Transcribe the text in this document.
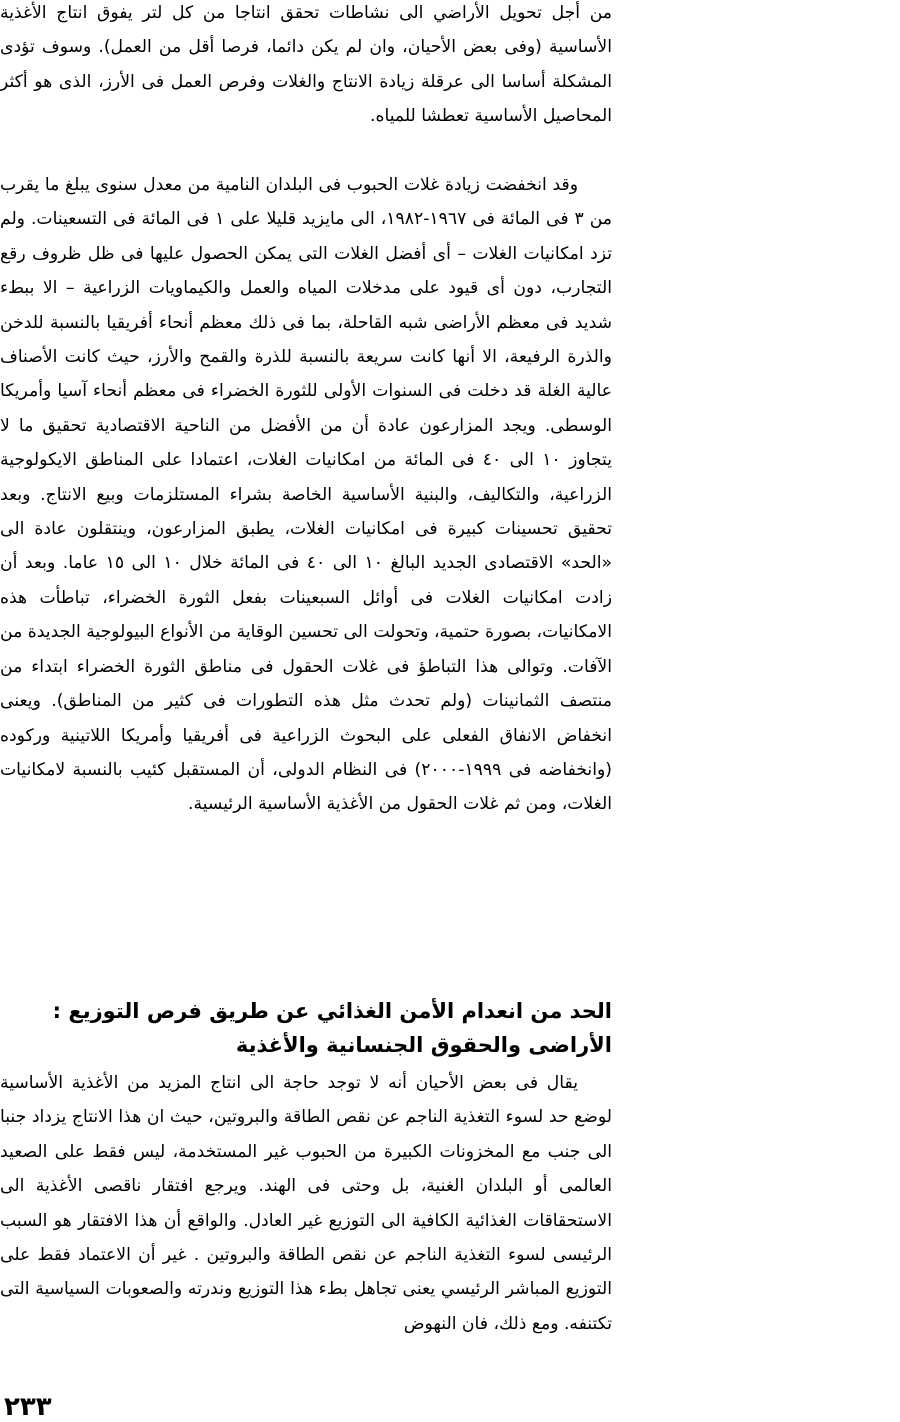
من أجل تحويل الأراضي الى نشاطات تحقق انتاجا من كل لتر يفوق انتاج الأغذية الأساسية (وفى بعض الأحيان، وان لم يكن دائما، فرصا أقل من العمل). وسوف تؤدى المشكلة أساسا الى عرقلة زيادة الانتاج والغلات وفرص العمل فى الأرز، الذى هو أكثر المحاصيل الأساسية تعطشا للمياه.

وقد انخفضت زيادة غلات الحبوب فى البلدان النامية من معدل سنوى يبلغ ما يقرب من ٣ فى المائة فى ١٩٦٧-١٩٨٢، الى مايزيد قليلا على ١ فى المائة فى التسعينات. ولم تزد امكانيات الغلات – أى أفضل الغلات التى يمكن الحصول عليها فى ظل ظروف رقع التجارب، دون أى قيود على مدخلات المياه والعمل والكيماويات الزراعية – الا ببطء شديد فى معظم الأراضى شبه القاحلة، بما فى ذلك معظم أنحاء أفريقيا بالنسبة للدخن والذرة الرفيعة، الا أنها كانت سريعة بالنسبة للذرة والقمح والأرز، حيث كانت الأصناف عالية الغلة قد دخلت فى السنوات الأولى للثورة الخضراء فى معظم أنحاء آسيا وأمريكا الوسطى. ويجد المزارعون عادة أن من الأفضل من الناحية الاقتصادية تحقيق ما لا يتجاوز ١٠ الى ٤٠ فى المائة من امكانيات الغلات، اعتمادا على المناطق الايكولوجية الزراعية، والتكاليف، والبنية الأساسية الخاصة بشراء المستلزمات وبيع الانتاج. وبعد تحقيق تحسينات كبيرة فى امكانيات الغلات، يطبق المزارعون، وينتقلون عادة الى «الحد» الاقتصادى الجديد البالغ ١٠ الى ٤٠ فى المائة خلال ١٠ الى ١٥ عاما. وبعد أن زادت امكانيات الغلات فى أوائل السبعينات بفعل الثورة الخضراء، تباطأت هذه الامكانيات، بصورة حتمية، وتحولت الى تحسين الوقاية من الأنواع البيولوجية الجديدة من الآفات. وتوالى هذا التباطؤ فى غلات الحقول فى مناطق الثورة الخضراء ابتداء من منتصف الثمانينات (ولم تحدث مثل هذه التطورات فى كثير من المناطق). ويعنى انخفاض الانفاق الفعلى على البحوث الزراعية فى أفريقيا وأمريكا اللاتينية وركوده (وانخفاضه فى ١٩٩٩-٢٠٠٠) فى النظام الدولى، أن المستقبل كئيب بالنسبة لامكانيات الغلات، ومن ثم غلات الحقول من الأغذية الأساسية الرئيسية.

الحد من انعدام الأمن الغذائي عن طريق فرص التوزيع : الأراضى والحقوق الجنسانية والأغذية

يقال فى بعض الأحيان أنه لا توجد حاجة الى انتاج المزيد من الأغذية الأساسية لوضع حد لسوء التغذية الناجم عن نقص الطاقة والبروتين، حيث ان هذا الانتاج يزداد جنبا الى جنب مع المخزونات الكبيرة من الحبوب غير المستخدمة، ليس فقط على الصعيد العالمى أو البلدان الغنية، بل وحتى فى الهند. ويرجع افتقار ناقصى الأغذية الى الاستحقاقات الغذائية الكافية الى التوزيع غير العادل. والواقع أن هذا الافتقار هو السبب الرئيسى لسوء التغذية الناجم عن نقص الطاقة والبروتين . غير أن الاعتماد فقط على التوزيع المباشر الرئيسي يعنى تجاهل بطء هذا التوزيع وندرته والصعوبات السياسية التى تكتنفه. ومع ذلك، فان النهوض

٢٣٣
